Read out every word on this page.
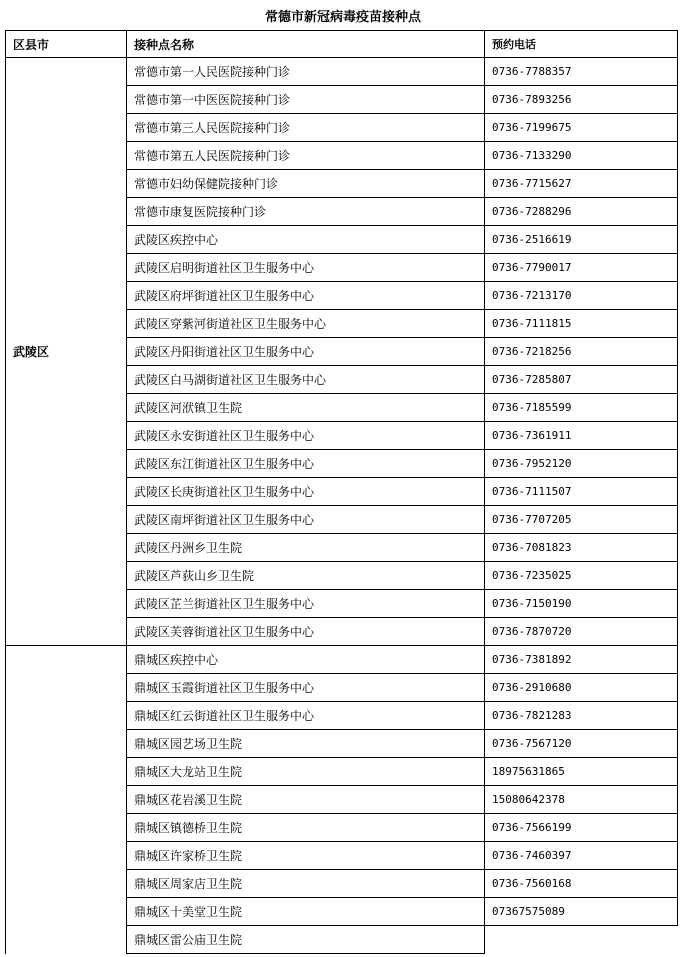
常德市新冠病毒疫苗接种点
区县市	接种点名称	预约电话
武陵区	常德市第一人民医院接种门诊	0736-7788357
	常德市第一中医医院接种门诊	0736-7893256
	常德市第三人民医院接种门诊	0736-7199675
	常德市第五人民医院接种门诊	0736-7133290
	常德市妇幼保健院接种门诊	0736-7715627
	常德市康复医院接种门诊	0736-7288296
	武陵区疾控中心	0736-2516619
	武陵区启明街道社区卫生服务中心	0736-7790017
	武陵区府坪街道社区卫生服务中心	0736-7213170
	武陵区穿紫河街道社区卫生服务中心	0736-7111815
	武陵区丹阳街道社区卫生服务中心	0736-7218256
	武陵区白马湖街道社区卫生服务中心	0736-7285807
	武陵区河洑镇卫生院	0736-7185599
	武陵区永安街道社区卫生服务中心	0736-7361911
	武陵区东江街道社区卫生服务中心	0736-7952120
	武陵区长庚街道社区卫生服务中心	0736-7111507
	武陵区南坪街道社区卫生服务中心	0736-7707205
	武陵区丹洲乡卫生院	0736-7081823
	武陵区芦荻山乡卫生院	0736-7235025
	武陵区芷兰街道社区卫生服务中心	0736-7150190
	武陵区芙蓉街道社区卫生服务中心	0736-7870720
	鼎城区疾控中心	0736-7381892
	鼎城区玉霞街道社区卫生服务中心	0736-2910680
	鼎城区红云街道社区卫生服务中心	0736-7821283
	鼎城区园艺场卫生院	0736-7567120
	鼎城区大龙站卫生院	18975631865
	鼎城区花岩溪卫生院	15080642378
	鼎城区镇德桥卫生院	0736-7566199
	鼎城区许家桥卫生院	0736-7460397
	鼎城区周家店卫生院	0736-7560168
	鼎城区十美堂卫生院	07367575089
	鼎城区雷公庙卫生院	
